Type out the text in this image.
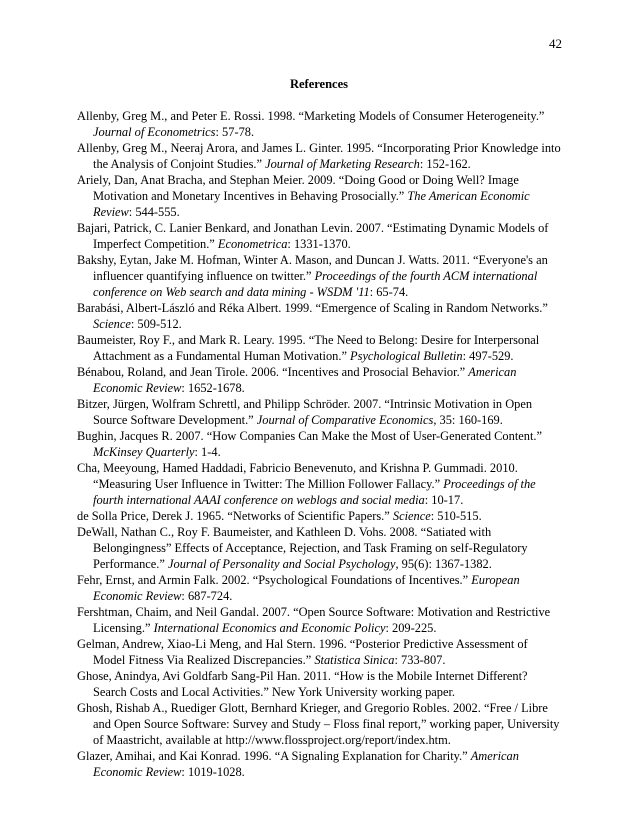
42
References
Allenby, Greg M., and Peter E. Rossi. 1998. “Marketing Models of Consumer Heterogeneity.” Journal of Econometrics: 57-78.
Allenby, Greg M., Neeraj Arora, and James L. Ginter. 1995. “Incorporating Prior Knowledge into the Analysis of Conjoint Studies.” Journal of Marketing Research: 152-162.
Ariely, Dan, Anat Bracha, and Stephan Meier. 2009. “Doing Good or Doing Well? Image Motivation and Monetary Incentives in Behaving Prosocially.” The American Economic Review: 544-555.
Bajari, Patrick, C. Lanier Benkard, and Jonathan Levin. 2007. “Estimating Dynamic Models of Imperfect Competition.” Econometrica: 1331-1370.
Bakshy, Eytan, Jake M. Hofman, Winter A. Mason, and Duncan J. Watts. 2011. “Everyone's an influencer quantifying influence on twitter.” Proceedings of the fourth ACM international conference on Web search and data mining - WSDM '11: 65-74.
Barabási, Albert-László and Réka Albert. 1999. “Emergence of Scaling in Random Networks.” Science: 509-512.
Baumeister, Roy F., and Mark R. Leary. 1995. “The Need to Belong: Desire for Interpersonal Attachment as a Fundamental Human Motivation.” Psychological Bulletin: 497-529.
Bénabou, Roland, and Jean Tirole. 2006. “Incentives and Prosocial Behavior.” American Economic Review: 1652-1678.
Bitzer, Jürgen, Wolfram Schrettl, and Philipp Schröder. 2007. “Intrinsic Motivation in Open Source Software Development.” Journal of Comparative Economics, 35: 160-169.
Bughin, Jacques R. 2007. “How Companies Can Make the Most of User-Generated Content.” McKinsey Quarterly: 1-4.
Cha, Meeyoung, Hamed Haddadi, Fabricio Benevenuto, and Krishna P. Gummadi. 2010. “Measuring User Influence in Twitter: The Million Follower Fallacy.” Proceedings of the fourth international AAAI conference on weblogs and social media: 10-17.
de Solla Price, Derek J. 1965. “Networks of Scientific Papers.” Science: 510-515.
DeWall, Nathan C., Roy F. Baumeister, and Kathleen D. Vohs. 2008. “Satiated with Belongingness” Effects of Acceptance, Rejection, and Task Framing on self-Regulatory Performance.” Journal of Personality and Social Psychology, 95(6): 1367-1382.
Fehr, Ernst, and Armin Falk. 2002. “Psychological Foundations of Incentives.” European Economic Review: 687-724.
Fershtman, Chaim, and Neil Gandal. 2007. “Open Source Software: Motivation and Restrictive Licensing.” International Economics and Economic Policy: 209-225.
Gelman, Andrew, Xiao-Li Meng, and Hal Stern. 1996. “Posterior Predictive Assessment of Model Fitness Via Realized Discrepancies.” Statistica Sinica: 733-807.
Ghose, Anindya, Avi Goldfarb Sang-Pil Han. 2011. “How is the Mobile Internet Different? Search Costs and Local Activities.” New York University working paper.
Ghosh, Rishab A., Ruediger Glott, Bernhard Krieger, and Gregorio Robles. 2002. “Free / Libre and Open Source Software: Survey and Study – Floss final report,” working paper, University of Maastricht, available at http://www.flossproject.org/report/index.htm.
Glazer, Amihai, and Kai Konrad. 1996. “A Signaling Explanation for Charity.” American Economic Review: 1019-1028.
